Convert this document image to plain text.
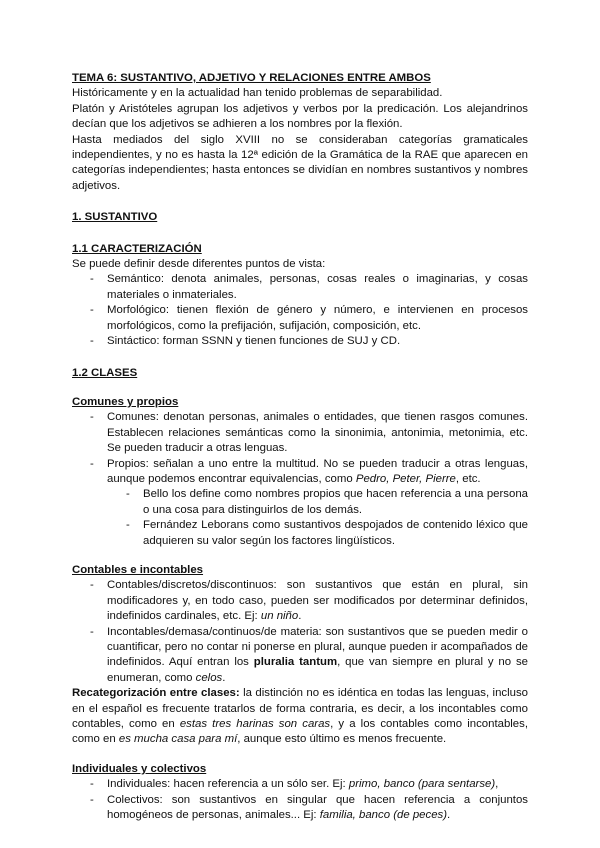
TEMA 6: SUSTANTIVO, ADJETIVO Y RELACIONES ENTRE AMBOS

Históricamente y en la actualidad han tenido problemas de separabilidad.

Platón y Aristóteles agrupan los adjetivos y verbos por la predicación. Los alejandrinos decían que los adjetivos se adhieren a los nombres por la flexión.

Hasta mediados del siglo XVIII no se consideraban categorías gramaticales independientes, y no es hasta la 12ª edición de la Gramática de la RAE que aparecen en categorías independientes; hasta entonces se dividían en nombres sustantivos y nombres adjetivos.

1. SUSTANTIVO

1.1 CARACTERIZACIÓN

Se puede definir desde diferentes puntos de vista:

- Semántico: denota animales, personas, cosas reales o imaginarias, y cosas materiales o inmateriales.
- Morfológico: tienen flexión de género y número, e intervienen en procesos morfológicos, como la prefijación, sufijación, composición, etc.
- Sintáctico: forman SSNN y tienen funciones de SUJ y CD.

1.2 CLASES

Comunes y propios

- Comunes: denotan personas, animales o entidades, que tienen rasgos comunes. Establecen relaciones semánticas como la sinonimia, antonimia, metonimia, etc. Se pueden traducir a otras lenguas.
- Propios: señalan a uno entre la multitud. No se pueden traducir a otras lenguas, aunque podemos encontrar equivalencias, como Pedro, Peter, Pierre, etc.
- Bello los define como nombres propios que hacen referencia a una persona o una cosa para distinguirlos de los demás.
- Fernández Leborans como sustantivos despojados de contenido léxico que adquieren su valor según los factores lingüísticos.

Contables e incontables

- Contables/discretos/discontinuos: son sustantivos que están en plural, sin modificadores y, en todo caso, pueden ser modificados por determinar definidos, indefinidos cardinales, etc. Ej: un niño.
- Incontables/demasa/continuos/de materia: son sustantivos que se pueden medir o cuantificar, pero no contar ni ponerse en plural, aunque pueden ir acompañados de indefinidos. Aquí entran los pluralia tantum, que van siempre en plural y no se enumeran, como celos.

Recategorización entre clases: la distinción no es idéntica en todas las lenguas, incluso en el español es frecuente tratarlos de forma contraria, es decir, a los incontables como contables, como en estas tres harinas son caras, y a los contables como incontables, como en es mucha casa para mí, aunque esto último es menos frecuente.

Individuales y colectivos

- Individuales: hacen referencia a un sólo ser. Ej: primo, banco (para sentarse),
- Colectivos: son sustantivos en singular que hacen referencia a conjuntos homogéneos de personas, animales... Ej: familia, banco (de peces).
